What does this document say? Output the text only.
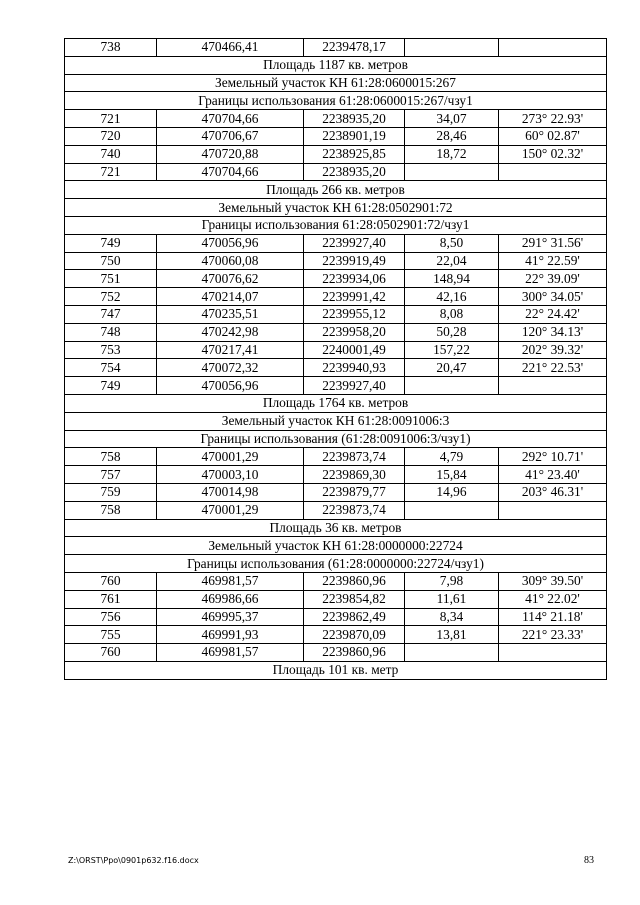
738	470466,41	2239478,17		
Площадь 1187 кв. метров				
Земельный участок КН 61:28:0600015:267				
Границы использования 61:28:0600015:267/чзу1				
721	470704,66	2238935,20	34,07	273° 22.93'
720	470706,67	2238901,19	28,46	60° 02.87'
740	470720,88	2238925,85	18,72	150° 02.32'
721	470704,66	2238935,20		
Площадь 266 кв. метров				
Земельный участок КН 61:28:0502901:72				
Границы использования 61:28:0502901:72/чзу1				
749	470056,96	2239927,40	8,50	291° 31.56'
750	470060,08	2239919,49	22,04	41° 22.59'
751	470076,62	2239934,06	148,94	22° 39.09'
752	470214,07	2239991,42	42,16	300° 34.05'
747	470235,51	2239955,12	8,08	22° 24.42'
748	470242,98	2239958,20	50,28	120° 34.13'
753	470217,41	2240001,49	157,22	202° 39.32'
754	470072,32	2239940,93	20,47	221° 22.53'
749	470056,96	2239927,40		
Площадь 1764 кв. метров				
Земельный участок КН 61:28:0091006:3				
Границы использования (61:28:0091006:3/чзу1)				
758	470001,29	2239873,74	4,79	292° 10.71'
757	470003,10	2239869,30	15,84	41° 23.40'
759	470014,98	2239879,77	14,96	203° 46.31'
758	470001,29	2239873,74		
Площадь 36 кв. метров				
Земельный участок КН 61:28:0000000:22724				
Границы использования (61:28:0000000:22724/чзу1)				
760	469981,57	2239860,96	7,98	309° 39.50'
761	469986,66	2239854,82	11,61	41° 22.02'
756	469995,37	2239862,49	8,34	114° 21.18'
755	469991,93	2239870,09	13,81	221° 23.33'
760	469981,57	2239860,96		
Площадь 101 кв. метр				
Z:\ORST\Ppo\0901p632.f16.docx	83
